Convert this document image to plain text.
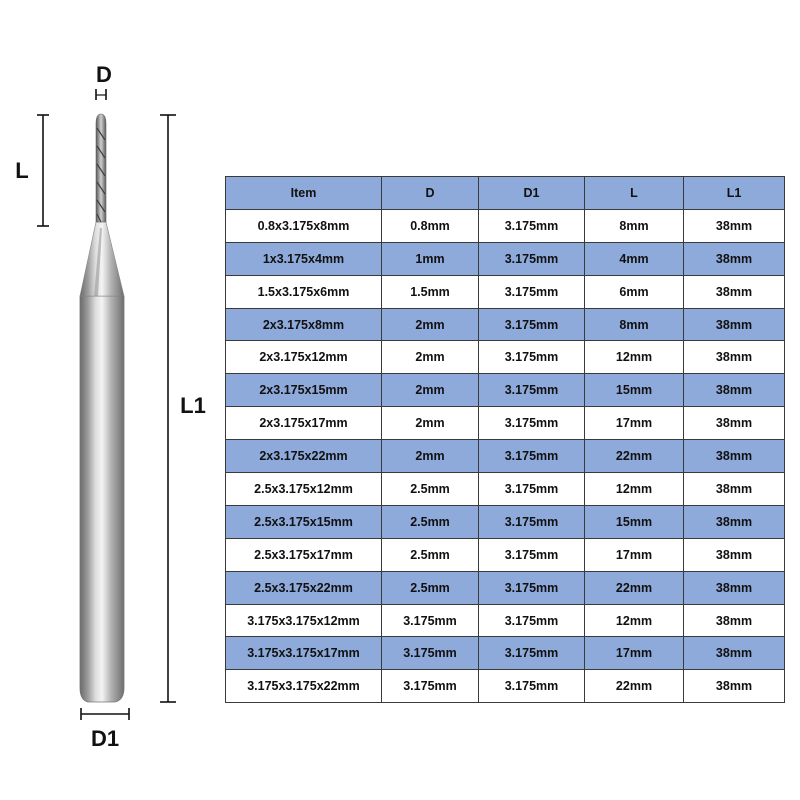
D
L
L1
D1
Item	D	D1	L	L1
0.8x3.175x8mm	0.8mm	3.175mm	8mm	38mm
1x3.175x4mm	1mm	3.175mm	4mm	38mm
1.5x3.175x6mm	1.5mm	3.175mm	6mm	38mm
2x3.175x8mm	2mm	3.175mm	8mm	38mm
2x3.175x12mm	2mm	3.175mm	12mm	38mm
2x3.175x15mm	2mm	3.175mm	15mm	38mm
2x3.175x17mm	2mm	3.175mm	17mm	38mm
2x3.175x22mm	2mm	3.175mm	22mm	38mm
2.5x3.175x12mm	2.5mm	3.175mm	12mm	38mm
2.5x3.175x15mm	2.5mm	3.175mm	15mm	38mm
2.5x3.175x17mm	2.5mm	3.175mm	17mm	38mm
2.5x3.175x22mm	2.5mm	3.175mm	22mm	38mm
3.175x3.175x12mm	3.175mm	3.175mm	12mm	38mm
3.175x3.175x17mm	3.175mm	3.175mm	17mm	38mm
3.175x3.175x22mm	3.175mm	3.175mm	22mm	38mm
